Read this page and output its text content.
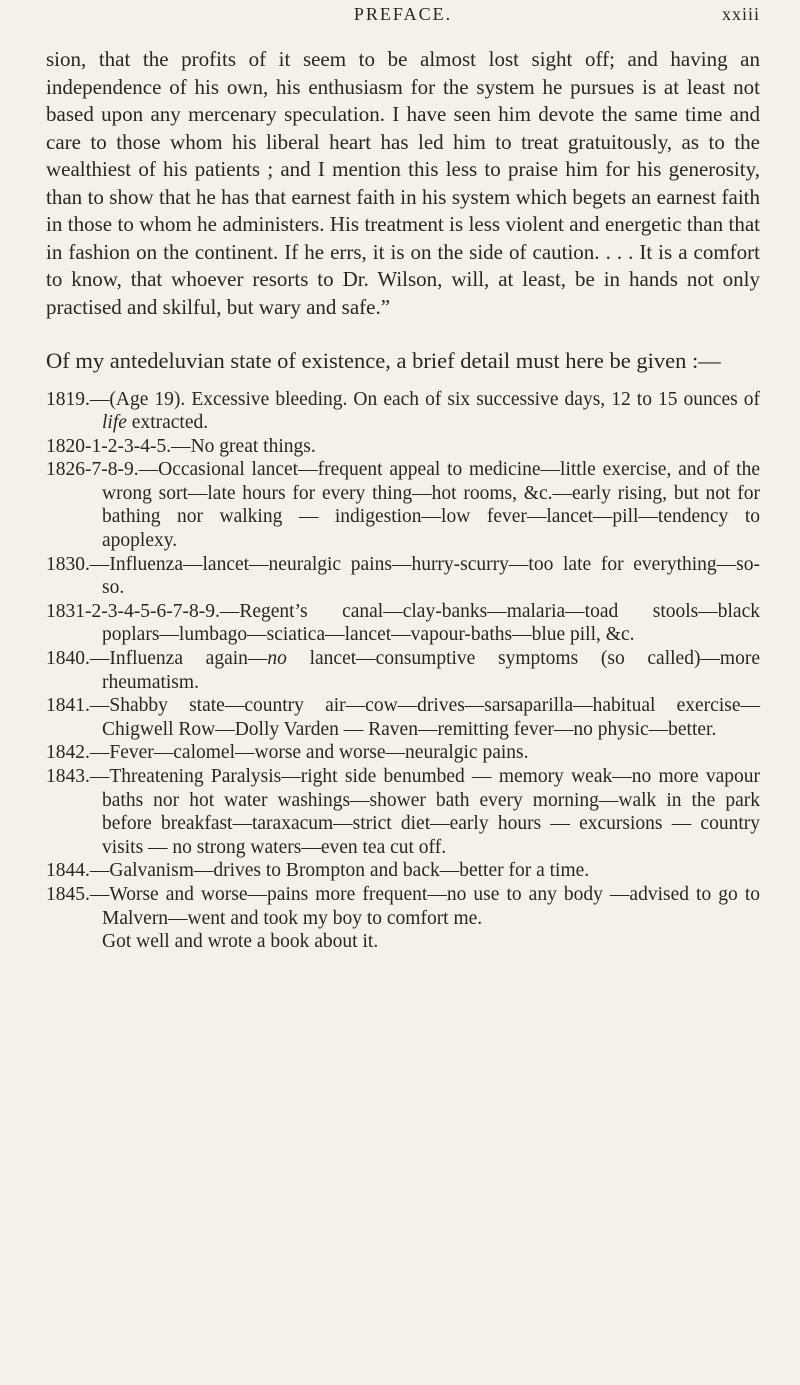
PREFACE.	xxiii

sion, that the profits of it seem to be almost lost sight off; and having an independence of his own, his enthusiasm for the system he pursues is at least not based upon any mercenary speculation. I have seen him devote the same time and care to those whom his liberal heart has led him to treat gratuitously, as to the wealthiest of his patients ; and I mention this less to praise him for his generosity, than to show that he has that earnest faith in his system which begets an earnest faith in those to whom he administers. His treatment is less violent and energetic than that in fashion on the continent. If he errs, it is on the side of caution. . . . It is a comfort to know, that whoever resorts to Dr. Wilson, will, at least, be in hands not only practised and skilful, but wary and safe.”

Of my antedeluvian state of existence, a brief detail must here be given :—

1819.—(Age 19). Excessive bleeding. On each of six successive days, 12 to 15 ounces of life extracted.

1820-1-2-3-4-5.—No great things.

1826-7-8-9.—Occasional lancet—frequent appeal to medicine—little exercise, and of the wrong sort—late hours for every thing—hot rooms, &c.—early rising, but not for bathing nor walking — indigestion—low fever—lancet—pill—tendency to apoplexy.

1830.—Influenza—lancet—neuralgic pains—hurry-scurry—too late for everything—so-so.

1831-2-3-4-5-6-7-8-9.—Regent’s canal—clay-banks—malaria—toad stools—black poplars—lumbago—sciatica—lancet—vapour-baths—blue pill, &c.

1840.—Influenza again—no lancet—consumptive symptoms (so called)—more rheumatism.

1841.—Shabby state—country air—cow—drives—sarsaparilla—habitual exercise—Chigwell Row—Dolly Varden — Raven—remitting fever—no physic—better.

1842.—Fever—calomel—worse and worse—neuralgic pains.

1843.—Threatening Paralysis—right side benumbed — memory weak—no more vapour baths nor hot water washings—shower bath every morning—walk in the park before breakfast—taraxacum—strict diet—early hours — excursions — country visits — no strong waters—even tea cut off.

1844.—Galvanism—drives to Brompton and back—better for a time.

1845.—Worse and worse—pains more frequent—no use to any body —advised to go to Malvern—went and took my boy to comfort me.

Got well and wrote a book about it.
